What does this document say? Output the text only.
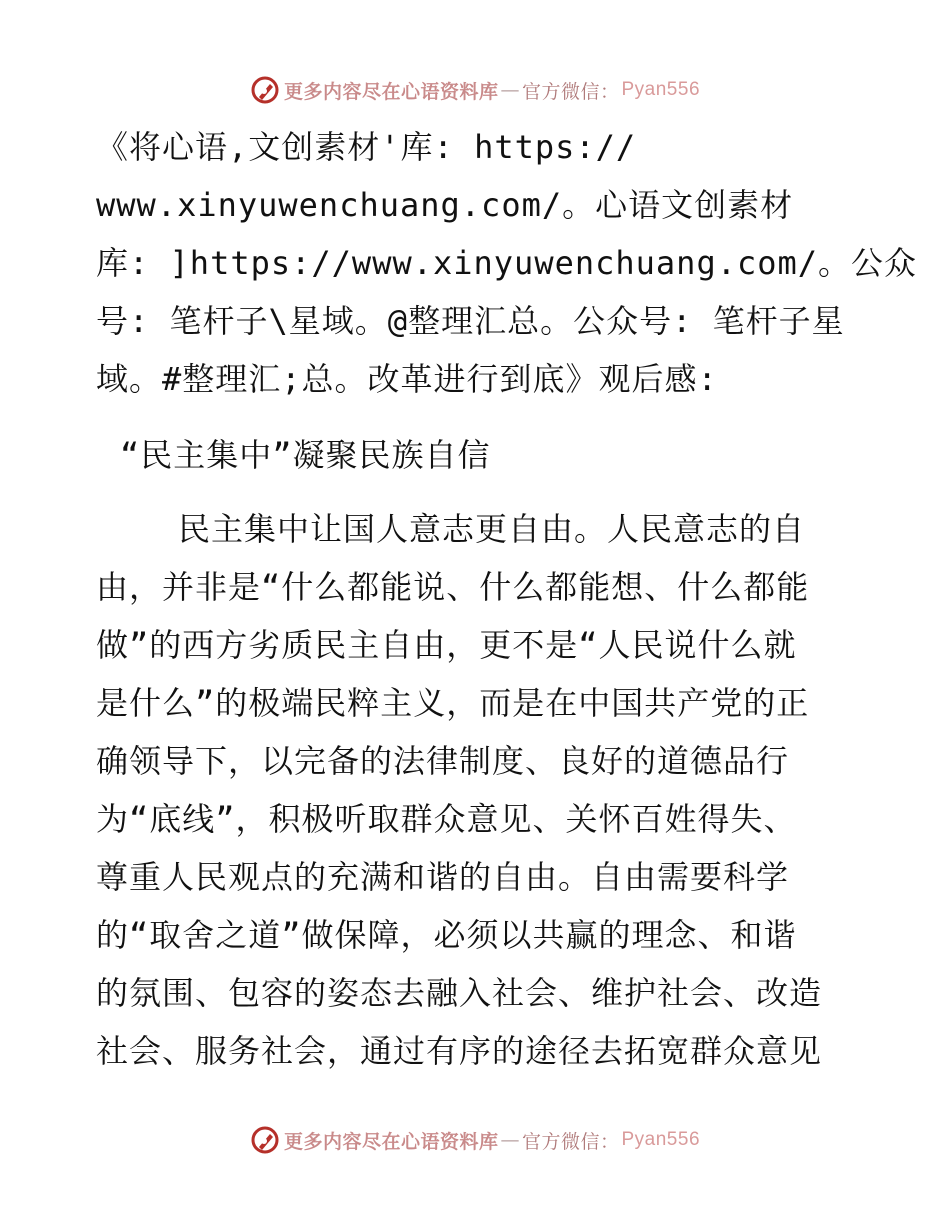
更多内容尽在心语资料库 — 官方微信： Pyan556
《将心语,文创素材'库: https://
www.xinyuwenchuang.com/。心语文创素材
库: ]https://www.xinyuwenchuang.com/。公众
号: 笔杆子\星域。@整理汇总。公众号: 笔杆子星
域。#整理汇;总。改革进行到底》观后感:
“民主集中”凝聚民族自信
民主集中让国人意志更自由。人民意志的自
由，并非是“什么都能说、什么都能想、什么都能
做”的西方劣质民主自由，更不是“人民说什么就
是什么”的极端民粹主义，而是在中国共产党的正
确领导下，以完备的法律制度、良好的道德品行
为“底线”，积极听取群众意见、关怀百姓得失、
尊重人民观点的充满和谐的自由。自由需要科学
的“取舍之道”做保障，必须以共赢的理念、和谐
的氛围、包容的姿态去融入社会、维护社会、改造
社会、服务社会，通过有序的途径去拓宽群众意见
更多内容尽在心语资料库 — 官方微信： Pyan556
